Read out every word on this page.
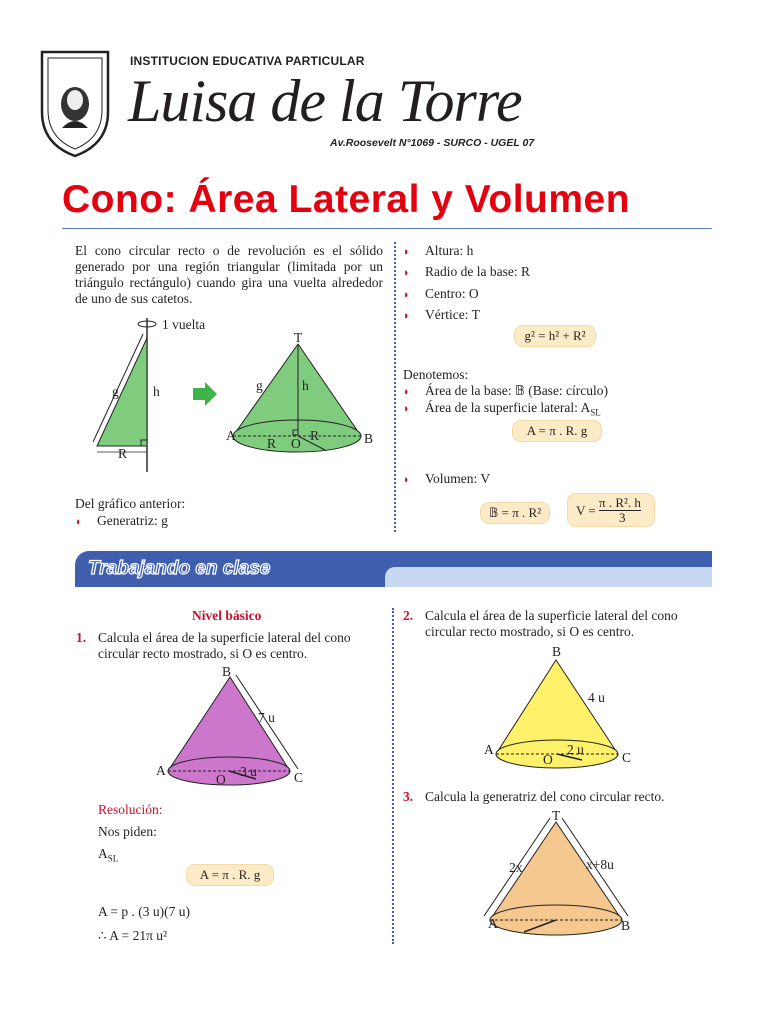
INSTITUCION EDUCATIVA PARTICULAR
Luisa de la Torre
Av.Roosevelt N°1069 - SURCO - UGEL 07
Cono: Área Lateral y Volumen
El cono circular recto o de revolución es el sólido generado por una región triangular (limitada por un triángulo rectángulo) cuando gira una vuelta alrededor de uno de sus catetos.
1 vuelta
g	h
R
T
g	h
A	B
R O
R
Del gráfico anterior:
◗ Generatriz: g
◗ Altura: h
◗ Radio de la base: R
◗ Centro: O
◗ Vértice: T
g² = h² + R²
Denotemos:
◗ Área de la base: 𝔹 (Base: círculo)
◗ Área de la superficie lateral: $A_{SL}$
A = π . R. g
◗ Volumen: V
𝔹 = π . R²	V =
π . R². h
3
Trabajando en clase
Nivel básico
1. Calcula el área de la superficie lateral del cono circular recto mostrado, si O es centro.
B
7 u
A	3 u
O	C
Resolución:
Nos piden:
$A_{SL}$
A = π . R. g
A = p . (3 u)(7 u)
∴ A = 21π u²
2. Calcula el área de la superficie lateral del cono circular recto mostrado, si O es centro.
B
4 u
A	2 u
O	C
3. Calcula la generatriz del cono circular recto.
T
2x	x+8u
A	B
